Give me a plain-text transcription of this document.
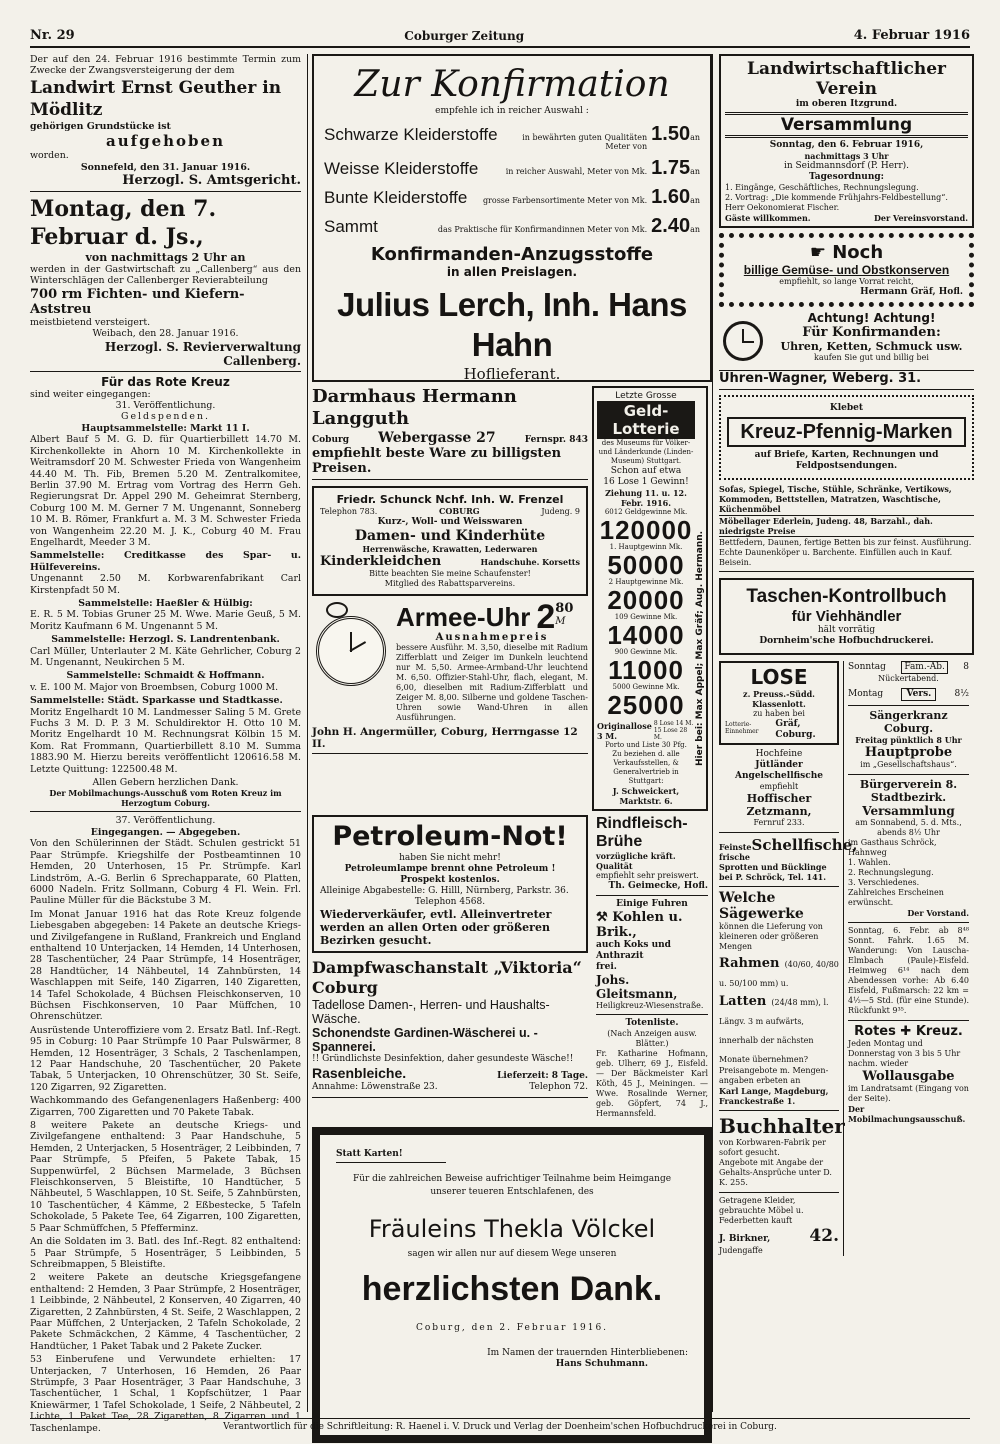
Nr. 29	Coburger Zeitung	4. Februar 1916
Der auf den 24. Februar 1916 bestimmte Termin zum Zwecke der Zwangsversteigerung der dem
Landwirt Ernst Geuther in Mödlitz
gehörigen Grundstücke ist
aufgehoben
worden.
Sonnefeld, den 31. Januar 1916.
Herzogl. S. Amtsgericht.
Montag, den 7. Februar d. Js.,
von nachmittags 2 Uhr an
werden in der Gastwirtschaft zu „Callenberg“ aus den Winterschlägen der Callenberger Revierabteilung
700 rm Fichten- und Kiefern-Aststreu
meistbietend versteigert.
Weibach, den 28. Januar 1916.
Herzogl. S. Revierverwaltung Callenberg.
Für das Rote Kreuz
sind weiter eingegangen:
31. Veröffentlichung.
Geldspenden.
Hauptsammelstelle: Markt 11 I.
Albert Bauf 5 M. G. D. für Quartierbillett 14.70 M. Kirchenkollekte in Ahorn 10 M. Kirchenkollekte in Weitramsdorf 20 M. Schwester Frieda von Wangenheim 44.40 M. Th. Fib, Bremen 5.20 M. Zentralkomitee, Berlin 37.90 M. Ertrag vom Vortrag des Herrn Geh. Regierungsrat Dr. Appel 290 M. Geheimrat Sternberg, Coburg 100 M. M. Gerner 7 M. Ungenannt, Sonneberg 10 M. B. Römer, Frankfurt a. M. 3 M. Schwester Frieda von Wangenheim 22.20 M. J. K., Coburg 40 M. Frau Engelhardt, Meeder 3 M.
Sammelstelle: Creditkasse des Spar- u. Hülfevereins.
Ungenannt 2.50 M. Korbwarenfabrikant Carl Kirstenpfadt 50 M.
Sammelstelle: Haeßler & Hülbig:
E. R. 5 M. Tobias Gruner 25 M. Wwe. Marie Geuß, 5 M. Moritz Kaufmann 6 M. Ungenannt 5 M.
Sammelstelle: Herzogl. S. Landrentenbank.
Carl Müller, Unterlauter 2 M. Käte Gehrlicher, Coburg 2 M. Ungenannt, Neukirchen 5 M.
Sammelstelle: Schmaidt & Hoffmann.
v. E. 100 M. Major von Broembsen, Coburg 1000 M.
Sammelstelle: Städt. Sparkasse und Stadtkasse.
Moritz Engelhardt 10 M. Landmesser Saling 5 M. Grete Fuchs 3 M. D. P. 3 M. Schuldirektor H. Otto 10 M. Moritz Engelhardt 10 M. Rechnungsrat Kölbin 15 M. Kom. Rat Frommann, Quartierbillett 8.10 M. Summa 1883.90 M. Hierzu bereits veröffentlicht 120616.58 M. Letzte Quittung: 122500.48 M.
Allen Gebern herzlichen Dank.
Der Mobilmachungs-Ausschuß vom Roten Kreuz im Herzogtum Coburg.
37. Veröffentlichung.
Eingegangen. — Abgegeben.
Von den Schülerinnen der Städt. Schulen gestrickt 51 Paar Strümpfe. Kriegshilfe der Postbeamtinnen 10 Hemden, 20 Unterhosen, 15 Pr. Strümpfe. Karl Lindström, A.-G. Berlin 6 Sprechapparate, 60 Platten, 6000 Nadeln. Fritz Sollmann, Coburg 4 Fl. Wein. Frl. Pauline Müller für die Bäckstube 3 M.
Im Monat Januar 1916 hat das Rote Kreuz folgende Liebesgaben abgegeben: 14 Pakete an deutsche Kriegs- und Zivilgefangene in Rußland, Frankreich und England enthaltend 10 Unterjacken, 14 Hemden, 14 Unterhosen, 28 Taschentücher, 24 Paar Strümpfe, 14 Hosenträger, 28 Handtücher, 14 Nähbeutel, 14 Zahnbürsten, 14 Waschlappen mit Seife, 140 Zigarren, 140 Zigaretten, 14 Tafel Schokolade, 4 Büchsen Fleischkonserven, 10 Büchsen Fischkonserven, 10 Paar Müffchen, 10 Ohrenschützer.
Ausrüstende Unteroffiziere vom 2. Ersatz Batl. Inf.-Regt. 95 in Coburg: 10 Paar Strümpfe 10 Paar Pulswärmer, 8 Hemden, 12 Hosenträger, 3 Schals, 2 Taschenlampen, 12 Paar Handschuhe, 20 Taschentücher, 20 Pakete Tabak, 5 Unterjacken, 10 Ohrenschützer, 30 St. Seife, 120 Zigarren, 92 Zigaretten.
Wachkommando des Gefangenenlagers Haßenberg: 400 Zigarren, 700 Zigaretten und 70 Pakete Tabak.
8 weitere Pakete an deutsche Kriegs- und Zivilgefangene enthaltend: 3 Paar Handschuhe, 5 Hemden, 2 Unterjacken, 5 Hosenträger, 2 Leibbinden, 7 Paar Strümpfe, 5 Pfeifen, 5 Pakete Tabak, 15 Suppenwürfel, 2 Büchsen Marmelade, 3 Büchsen Fleischkonserven, 5 Bleistifte, 10 Handtücher, 5 Nähbeutel, 5 Waschlappen, 10 St. Seife, 5 Zahnbürsten, 10 Taschentücher, 4 Kämme, 2 Eßbestecke, 5 Tafeln Schokolade, 5 Pakete Tee, 64 Zigarren, 100 Zigaretten, 5 Paar Schmüffchen, 5 Pfefferminz.
An die Soldaten im 3. Batl. des Inf.-Regt. 82 enthaltend: 5 Paar Strümpfe, 5 Hosenträger, 5 Leibbinden, 5 Schreibmappen, 5 Bleistifte.
2 weitere Pakete an deutsche Kriegsgefangene enthaltend: 2 Hemden, 3 Paar Strümpfe, 2 Hosenträger, 1 Leibbinde, 2 Nähbeutel, 2 Konserven, 40 Zigarren, 40 Zigaretten, 2 Zahnbürsten, 4 St. Seife, 2 Waschlappen, 2 Paar Müffchen, 2 Unterjacken, 2 Tafeln Schokolade, 2 Pakete Schmäckchen, 2 Kämme, 4 Taschentücher, 2 Handtücher, 1 Paket Tabak und 2 Pakete Zucker.
53 Einberufene und Verwundete erhielten: 17 Unterjacken, 7 Unterhosen, 16 Hemden, 26 Paar Strümpfe, 3 Paar Hosenträger, 3 Paar Handschuhe, 3 Taschentücher, 1 Schal, 1 Kopfschützer, 1 Paar Kniewärmer, 1 Tafel Schokolade, 1 Seife, 2 Nähbeutel, 2 Lichte, 1 Paket Tee, 28 Zigaretten, 8 Zigarren und 1 Taschenlampe.
Zur Konfirmation
empfehle ich in reicher Auswahl :
Schwarze Kleiderstoffe	in bewährten guten Qualitäten Meter von
1.50 an
Weisse Kleiderstoffe	in reicher Auswahl, Meter von Mk. 1.75 an
Bunte Kleiderstoffe	grosse Farbensortimente Meter von Mk. 1.60 an
Sammt	das Praktische für Konfirmandinnen Meter von Mk. 2.40 an
Konfirmanden-Anzugsstoffe
in allen Preislagen.
Julius Lerch, Inh. Hans Hahn
Hoflieferant.
Darmhaus Hermann Langguth
Coburg Webergasse 27	Fernspr. 843
empfiehlt beste Ware zu billigsten Preisen.
Friedr. Schunck Nchf. Inh. W. Frenzel
Telephon 783.	COBURG	Judeng. 9
Kurz-, Woll- und Weisswaren
Damen- und Kinderhüte
Herrenwäsche, Krawatten, Lederwaren
Kinderkleidchen	Handschuhe. Korsetts
Bitte beachten Sie meine Schaufenster!
Mitglied des Rabattsparvereins.
Armee-Uhr 2 80
M
Ausnahmepreis
besserе Ausführ. M. 3,50, dieselbe mit Radium Zifferblatt und Zeiger im Dunkeln leuchtend nur M. 5,50. Armee-Armband-Uhr leuchtend M. 6,50. Offizier-Stahl-Uhr, flach, elegant, M. 6,00, dieselben mit Radium-Zifferblatt und Zeiger M. 8,00. Silberne und goldene Taschen-Uhren sowie Wand-Uhren in allen Ausführungen.
John H. Angermüller, Coburg, Herrngasse 12 II.	Hier bei: Max Appel; Max Gräf; Aug. Hermann.
Letzte Grosse
Geld-Lotterie
des Museums für Völker- und Länderkunde (Linden-Museum) Stuttgart.
Schon auf etwa
16 Lose 1 Gewinn!
Ziehung 11. u. 12. Febr. 1916.
6012 Geldgewinne Mk.
120000
1. Hauptgewinn Mk.
50000
2 Hauptgewinne Mk.
20000
109 Gewinne Mk.
14000
900 Gewinne Mk.
11000
5000 Gewinne Mk.
25000
Originallose 3 M.
8 Lose 14 M. 15 Lose 28 M.
Porto und Liste 30 Pfg.
Zu beziehen d. alle Verkaufsstellen, & Generalvertrieb in Stuttgart:
J. Schweickert, Marktstr. 6.
Petroleum-Not!
haben Sie nicht mehr!
Petroleumlampe brennt ohne Petroleum !
Prospekt kostenlos.
Alleinige Abgabestelle: G. Hilll, Nürnberg, Parkstr. 36.
Telephon 4568.
Wiederverkäufer, evtl. Alleinvertreter werden an allen Orten oder größeren Bezirken gesucht.
Dampfwaschanstalt „Viktoria“ Coburg
Tadellose Damen-, Herren- und Haushalts-Wäsche.
Schonendste Gardinen-Wäscherei u. -Spannerei.
!! Gründlichste Desinfektion, daher gesundeste Wäsche!!
Rasenbleiche.	Lieferzeit: 8 Tage.
Annahme: Löwenstraße 23.	Telephon 72.
Rindfleisch-Brühe
vorzügliche kräft. Qualität
empfiehlt sehr preiswert.
Th. Geimecke, Hofl.
Einige Fuhren
⚒ Kohlen u. Brik.,
auch Koks und Anthrazit
frei.
Johs. Gleitsmann,
Heiligkreuz-Wiesenstraße.
Totenliste.
(Nach Anzeigen ausw. Blätter.)
Fr. Katharine Hofmann, geb. Ulherr, 69 J., Eisfeld. — Der Bäckmeister Karl Köth, 45 J., Meiningen. — Wwe. Rosalinde Werner, geb. Göpfert, 74 J., Hermannsfeld.
Statt Karten!
Für die zahlreichen Beweise aufrichtiger Teilnahme beim Heimgange unserer teueren Entschlafenen, des
Fräuleins Thekla Völckel
sagen wir allen nur auf diesem Wege unseren
herzlichsten Dank.
Coburg, den 2. Februar 1916.
Im Namen der trauernden Hinterbliebenen:
Hans Schuhmann.
Landwirtschaftlicher Verein
im oberen Itzgrund.
Versammlung
Sonntag, den 6. Februar 1916,
nachmittags 3 Uhr
in Seidmannsdorf (P. Herr).
Tagesordnung:
1. Eingänge, Geschäftliches, Rechnungslegung.
2. Vortrag: „Die kommende Frühjahrs-Feldbestellung“. Herr Oekonomierat Fischer.
Gäste willkommen.	Der Vereinsvorstand.
☛ Noch
billige Gemüse- und Obstkonserven
empfiehlt, so lange Vorrat reicht,
Hermann Gräf, Hofl.
Achtung! Achtung!
Für Konfirmanden:
Uhren, Ketten, Schmuck usw.
kaufen Sie gut und billig bei
Uhren-Wagner, Weberg. 31.
Klebet
Kreuz-Pfennig-Marken
auf Briefe, Karten, Rechnungen und Feldpostsendungen.
Sofas, Spiegel, Tische, Stühle, Schränke, Vertikows, Kommoden, Bettstellen, Matratzen, Waschtische, Küchenmöbel
Möbellager Ederlein, Judeng. 48, Barzahl., dah. niedrigste Preise
Bettfedern, Daunen, fertige Betten bis zur feinst. Ausführung. Echte Daunenköper u. Barchente. Einfüllen auch in Kauf. Beisein.
Taschen-Kontrollbuch
für Viehhändler
hält vorrätig
Dornheim'sche Hofbuchdruckerei.
LOSE
z. Preuss.-Südd. Klassenlott.
zu haben bei
Lotterie-Einnehmer
Gräf, Coburg.
Hochfeine
Jütländer Angelschellfische
empfiehlt
Hoffischer Zetzmann,
Fernruf 233.
Feinste frische
Schellfische,
Sprotten und Bücklinge
bei P. Schröck, Tel. 141.
Welche Sägewerke
können die Lieferung von kleineren oder größeren Mengen
Rahmen (40/60, 40/80 u. 50/100 mm) u.
Latten (24/48 mm), l. Längv. 3 m aufwärts, innerhalb der nächsten Monate übernehmen?
Preisangebote m. Mengen-angaben erbeten an
Karl Lange, Magdeburg, Franckestraße 1.
Buchhalter
von Korbwaren-Fabrik per sofort gesucht.
Angebote mit Angabe der Gehalts-Ansprüche unter D. K. 255.
Getragene Kleider, gebrauchte Möbel u. Federbetten kauft
J. Birkner, 42.
Judengaffe
Sonntag	Fam.-Ab.	8
Nückertabend.
Montag	Vers.	8½
Sängerkranz Coburg.
Freitag pünktlich 8 Uhr
Hauptprobe
im „Gesellschaftshaus“.
Bürgerverein 8. Stadtbezirk.
Versammlung
am Sonnabend, 5. d. Mts., abends 8½ Uhr
im Gasthaus Schröck, Hahnweg
1. Wahlen.
2. Rechnungslegung.
3. Verschiedenes.
Zahlreiches Erscheinen erwünscht.
Der Vorstand.
Sonntag, 6. Febr. ab 8⁴⁸ Sonnt. Fahrk. 1.65 M. Wanderung: Von Lauscha-Elmbach (Paule)-Eisfeld. Heimweg 6¹⁴ nach dem Abendessen vorhe: Ab 6.40 Eisfeld, Fußmarsch: 22 km = 4½—5 Std. (für eine Stunde). Rückfunkt 9³⁵.
Rotes ✚ Kreuz.
Jeden Montag und Donnerstag von 3 bis 5 Uhr nachm. wieder
Wollausgabe
im Landratsamt (Eingang von der Seite).
Der Mobilmachungsausschuß.
Verantwortlich für die Schriftleitung: R. Haenel i. V. Druck und Verlag der Doenheim'schen Hofbuchdruckerei in Coburg.
